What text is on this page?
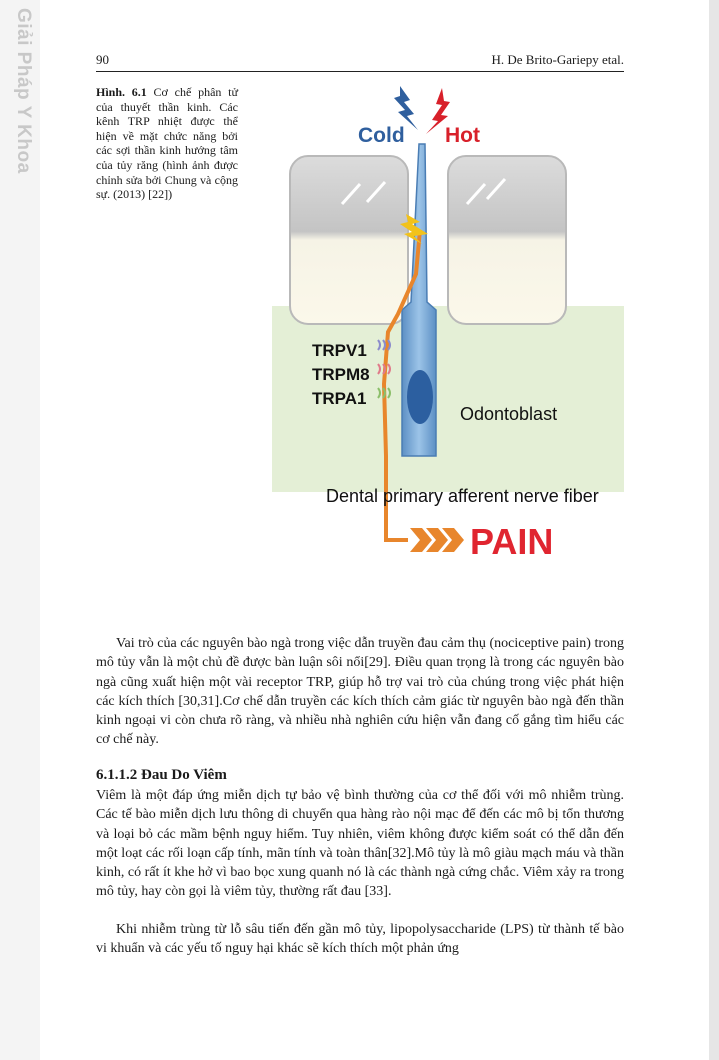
Giải Pháp Y Khoa	90	H. De Brito-Gariepy etal.
Hình. 6.1 Cơ chế phân tử của thuyết thần kinh. Các kênh TRP nhiệt được thể hiện về mặt chức năng bởi các sợi thần kinh hướng tâm của tủy răng (hình ảnh được chỉnh sửa bởi Chung và cộng sự. (2013) [22])
Cold Hot
TRPV1
TRPM8
TRPA1
Odontoblast
Dental primary afferent nerve fiber
PAIN

Vai trò của các nguyên bào ngà trong việc dẫn truyền đau cảm thụ (nociceptive pain) trong mô tủy vẫn là một chủ đề được bàn luận sôi nổi[29]. Điều quan trọng là trong các nguyên bào ngà cũng xuất hiện một vài receptor TRP, giúp hỗ trợ vai trò của chúng trong việc phát hiện các kích thích [30,31].Cơ chế dẫn truyền các kích thích cảm giác từ nguyên bào ngà đến thần kinh ngoại vi còn chưa rõ ràng, và nhiều nhà nghiên cứu hiện vẫn đang cố gắng tìm hiểu các cơ chế này.

6.1.1.2 Đau Do Viêm

Viêm là một đáp ứng miễn dịch tự bảo vệ bình thường của cơ thể đối với mô nhiễm trùng. Các tế bào miễn dịch lưu thông di chuyển qua hàng rào nội mạc để đến các mô bị tổn thương và loại bỏ các mầm bệnh nguy hiểm. Tuy nhiên, viêm không được kiểm soát có thể dẫn đến một loạt các rối loạn cấp tính, mãn tính và toàn thân[32].Mô tủy là mô giàu mạch máu và thần kinh, có rất ít khe hở vì bao bọc xung quanh nó là các thành ngà cứng chắc. Viêm xảy ra trong mô tủy, hay còn gọi là viêm tủy, thường rất đau [33].

Khi nhiễm trùng từ lỗ sâu tiến đến gần mô tủy, lipopolysaccharide (LPS) từ thành tế bào vi khuẩn và các yếu tố nguy hại khác sẽ kích thích một phản ứng
